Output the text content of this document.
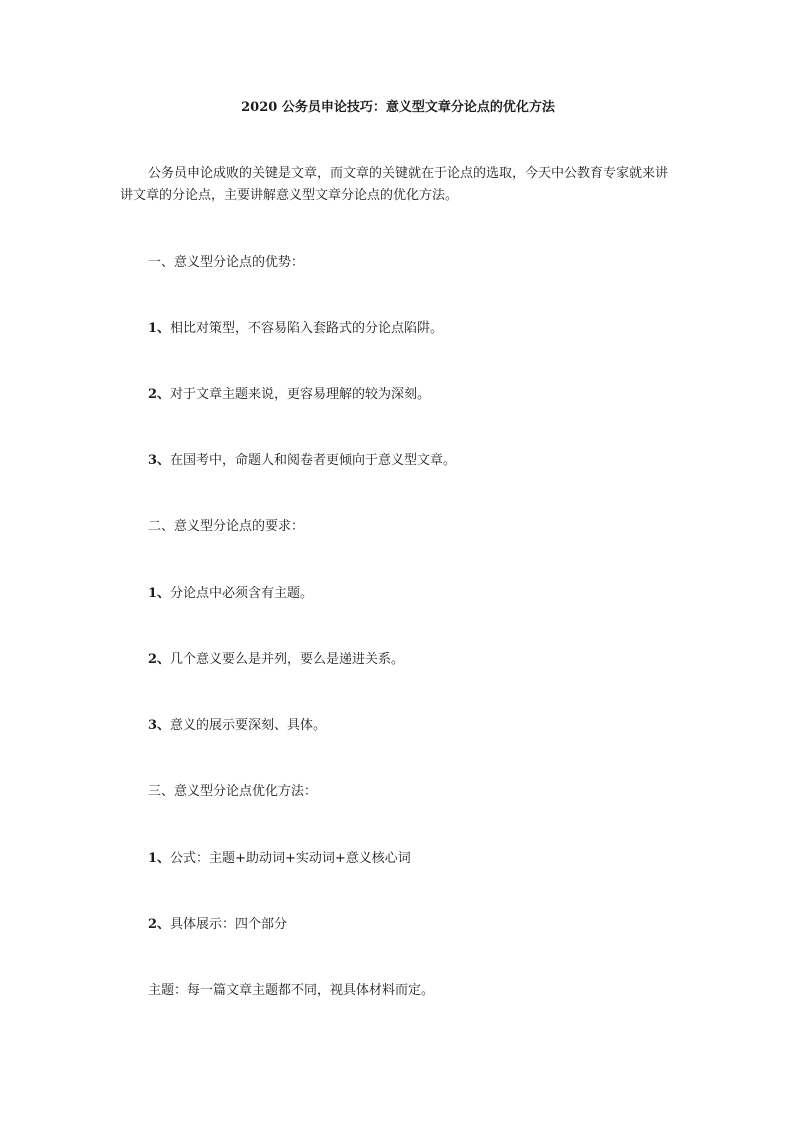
2020 公务员申论技巧：意义型文章分论点的优化方法

公务员申论成败的关键是文章，而文章的关键就在于论点的选取，今天中公教育专家就来讲讲文章的分论点，主要讲解意义型文章分论点的优化方法。

一、意义型分论点的优势：

1、相比对策型，不容易陷入套路式的分论点陷阱。

2、对于文章主题来说，更容易理解的较为深刻。

3、在国考中，命题人和阅卷者更倾向于意义型文章。

二、意义型分论点的要求：

1、分论点中必须含有主题。

2、几个意义要么是并列，要么是递进关系。

3、意义的展示要深刻、具体。

三、意义型分论点优化方法：

1、公式：主题+助动词+实动词+意义核心词

2、具体展示：四个部分

主题：每一篇文章主题都不同，视具体材料而定。
